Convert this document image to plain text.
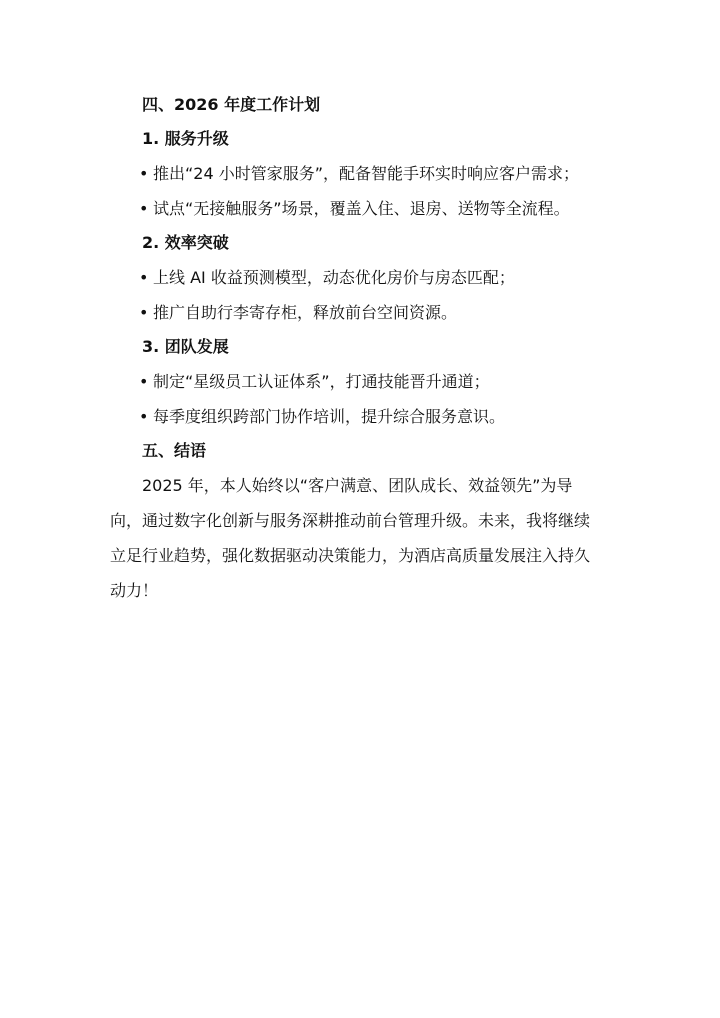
四、2026 年度工作计划
1. 服务升级
• 推出“24 小时管家服务”，配备智能手环实时响应客户需求；
• 试点“无接触服务”场景，覆盖入住、退房、送物等全流程。
2. 效率突破
• 上线 AI 收益预测模型，动态优化房价与房态匹配；
• 推广自助行李寄存柜，释放前台空间资源。
3. 团队发展
• 制定“星级员工认证体系”，打通技能晋升通道；
• 每季度组织跨部门协作培训，提升综合服务意识。
五、结语
2025 年，本人始终以“客户满意、团队成长、效益领先”为导
向，通过数字化创新与服务深耕推动前台管理升级。未来，我将继续
立足行业趋势，强化数据驱动决策能力，为酒店高质量发展注入持久
动力！
